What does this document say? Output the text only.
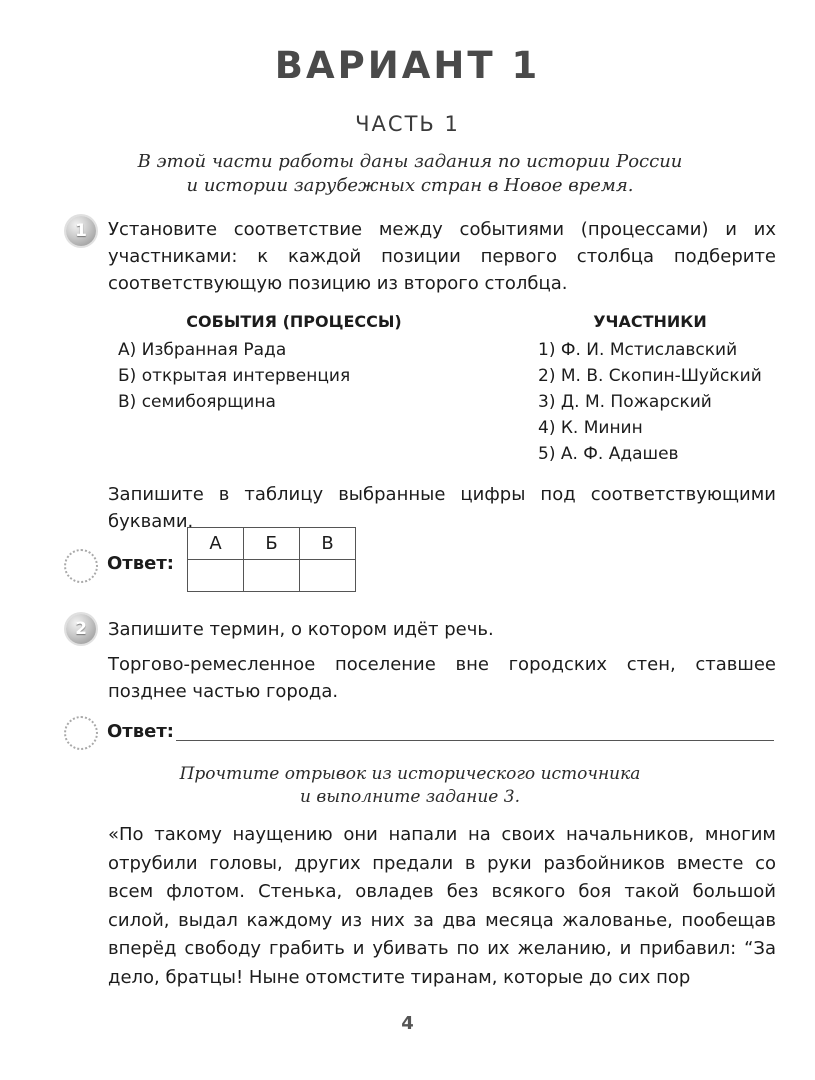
ВАРИАНТ 1
ЧАСТЬ 1
В этой части работы даны задания по истории России
и истории зарубежных стран в Новое время.
1	Установите соответствие между событиями (процессами) и их участниками: к каждой позиции первого столбца подберите соответствующую позицию из второго столбца.
СОБЫТИЯ (ПРОЦЕССЫ)	УЧАСТНИКИ
А) Избранная Рада
Б) открытая интервенция
В) семибоярщина
1) Ф. И. Мстиславский
2) М. В. Скопин-Шуйский
3) Д. М. Пожарский
4) К. Минин
5) А. Ф. Адашев
Запишите в таблицу выбранные цифры под соответствующими буквами.
Ответ:
А	Б	В

2	Запишите термин, о котором идёт речь.
Торгово-ремесленное поселение вне городских стен, ставшее позднее частью города.
Ответ:
Прочтите отрывок из исторического источника
и выполните задание 3.
«По такому наущению они напали на своих начальников, многим отрубили головы, других предали в руки разбойников вместе со всем флотом. Стенька, овладев без всякого боя такой большой силой, выдал каждому из них за два месяца жалованье, пообещав вперёд свободу грабить и убивать по их желанию, и прибавил: “За дело, братцы! Ныне отомстите тиранам, которые до сих пор
4
